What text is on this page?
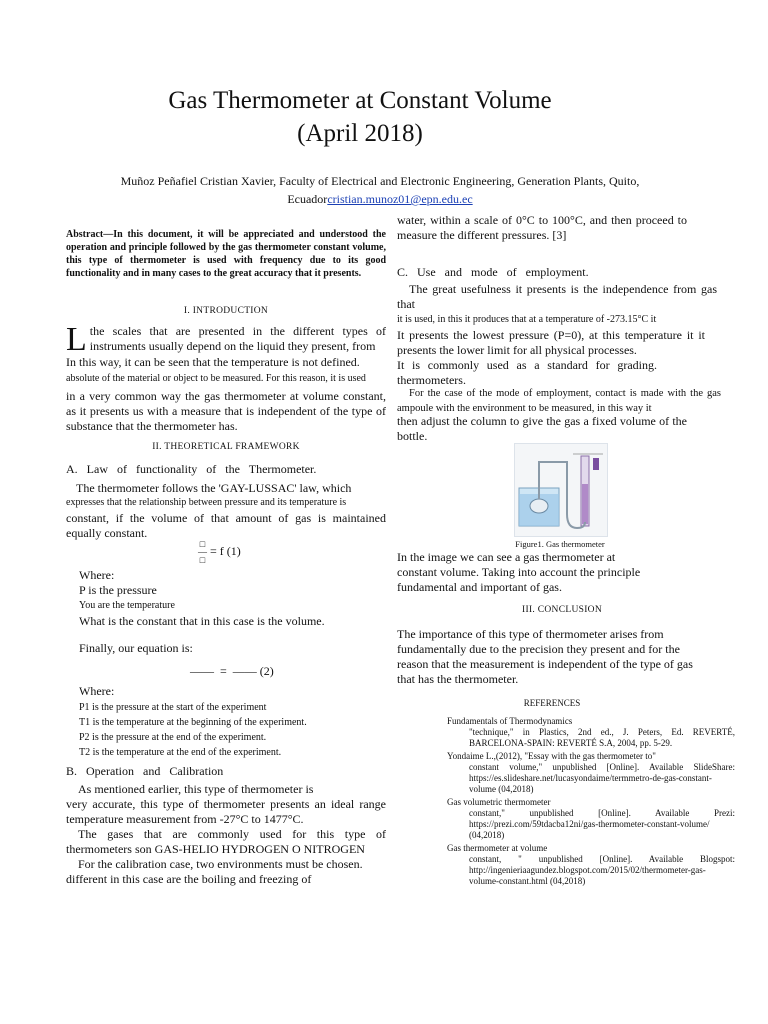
Gas Thermometer at Constant Volume
(April 2018)
Muñoz Peñafiel Cristian Xavier, Faculty of Electrical and Electronic Engineering, Generation Plants, Quito,
Ecuadorcristian.munoz01@epn.edu.ec

Abstract—In this document, it will be appreciated and understood the operation and principle followed by the gas thermometer constant volume, this type of thermometer is used with frequency due to its good functionality and in many cases to the great accuracy that it presents.

I. INTRODUCTION

Lthe scales that are presented in the different types of instruments usually depend on the liquid they present, from

In this way, it can be seen that the temperature is not defined.

absolute of the material or object to be measured. For this reason, it is used

in a very common way the gas thermometer at volume constant, as it presents us with a measure that is independent of the type of substance that the thermometer has.

II. THEORETICAL FRAMEWORK
A. Law of functionality of the Thermometer.

The thermometer follows the 'GAY-LUSSAC' law, which

expresses that the relationship between pressure and its temperature is

constant, if the volume of that amount of gas is maintained equally constant.

□
―
□ = f (1)

Where:

P is the pressure

You are the temperature

What is the constant that in this case is the volume.

Finally, our equation is:

——  =  —— (2)

Where:

P1 is the pressure at the start of the experiment

T1 is the temperature at the beginning of the experiment.

P2 is the pressure at the end of the experiment.

T2 is the temperature at the end of the experiment.

B. Operation and Calibration

As mentioned earlier, this type of thermometer is

very accurate, this type of thermometer presents an ideal range temperature measurement from -27°C to 1477°C.

The gases that are commonly used for this type of thermometers son GAS-HELIO HYDROGEN O NITROGEN

For the calibration case, two environments must be chosen.

different in this case are the boiling and freezing of

water, within a scale of 0°C to 100°C, and then proceed to measure the different pressures. [3]

C. Use and mode of employment.

The great usefulness it presents is the independence from gas that

it is used, in this it produces that at a temperature of -273.15°C it

It presents the lowest pressure (P=0), at this temperature it it presents the lower limit for all physical processes.

It is commonly used as a standard for grading. thermometers.

For the case of the mode of employment, contact is made with the gas ampoule with the environment to be measured, in this way it

then adjust the column to give the gas a fixed volume of the bottle.

Figure1. Gas thermometer

In the image we can see a gas thermometer at constant volume. Taking into account the principle fundamental and important of gas.

III. CONCLUSION

The importance of this type of thermometer arises from fundamentally due to the precision they present and for the reason that the measurement is independent of the type of gas that has the thermometer.

REFERENCES
Fundamentals of Thermodynamics
"technique," in Plastics, 2nd ed., J. Peters, Ed. REVERTÉ, BARCELONA-SPAIN: REVERTÉ S.A, 2004, pp. 5-29.
Yondaime L.,(2012), "Essay with the gas thermometer to"
constant volume," unpublished [Online]. Available SlideShare: https://es.slideshare.net/lucasyondaime/termmetro-de-gas-constant-volume (04,2018)
Gas volumetric thermometer
constant," unpublished [Online]. Available Prezi: https://prezi.com/59tdacba12ni/gas-thermometer-constant-volume/ (04,2018)
Gas thermometer at volume
constant, " unpublished [Online]. Available Blogspot: http://ingenieriaagundez.blogspot.com/2015/02/thermometer-gas-volume-constant.html (04,2018)
